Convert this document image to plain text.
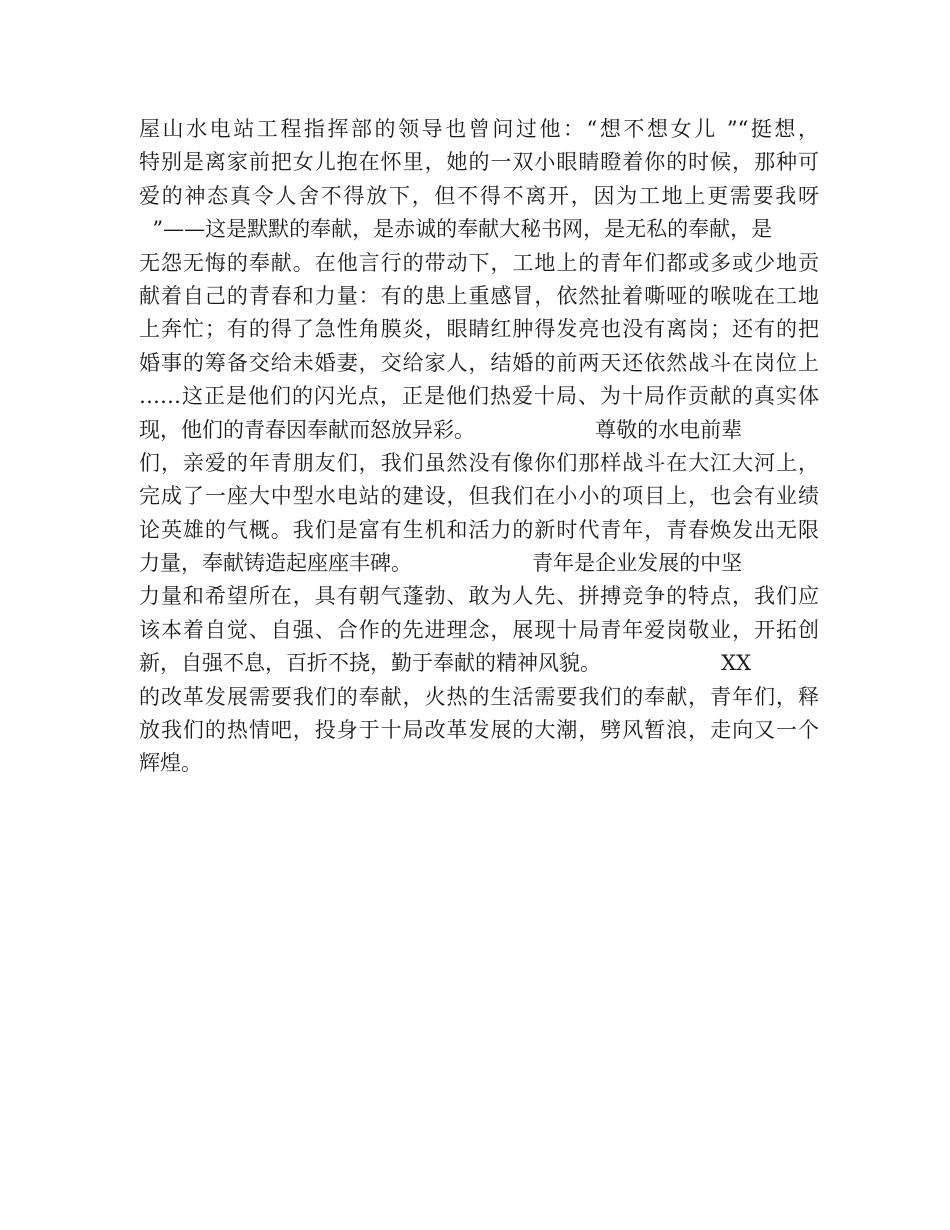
屋山水电站工程指挥部的领导也曾问过他：“想不想女儿 ”“挺想，
特别是离家前把女儿抱在怀里，她的一双小眼睛瞪着你的时候，那种可
爱的神态真令人舍不得放下，但不得不离开，因为工地上更需要我呀
”——这是默默的奉献，是赤诚的奉献大秘书网，是无私的奉献，是
无怨无悔的奉献。在他言行的带动下，工地上的青年们都或多或少地贡
献着自己的青春和力量：有的患上重感冒，依然扯着嘶哑的喉咙在工地
上奔忙；有的得了急性角膜炎，眼睛红肿得发亮也没有离岗；还有的把
婚事的筹备交给未婚妻，交给家人，结婚的前两天还依然战斗在岗位上
……这正是他们的闪光点，正是他们热爱十局、为十局作贡献的真实体
现，他们的青春因奉献而怒放异彩。                  尊敬的水电前辈
们，亲爱的年青朋友们，我们虽然没有像你们那样战斗在大江大河上，
完成了一座大中型水电站的建设，但我们在小小的项目上，也会有业绩
论英雄的气概。我们是富有生机和活力的新时代青年，青春焕发出无限
力量，奉献铸造起座座丰碑。                  青年是企业发展的中坚
力量和希望所在，具有朝气蓬勃、敢为人先、拼搏竞争的特点，我们应
该本着自觉、自强、合作的先进理念，展现十局青年爱岗敬业，开拓创
新，自强不息，百折不挠，勤于奉献的精神风貌。                  XX
的改革发展需要我们的奉献，火热的生活需要我们的奉献，青年们，释
放我们的热情吧，投身于十局改革发展的大潮，劈风暂浪，走向又一个
辉煌。
